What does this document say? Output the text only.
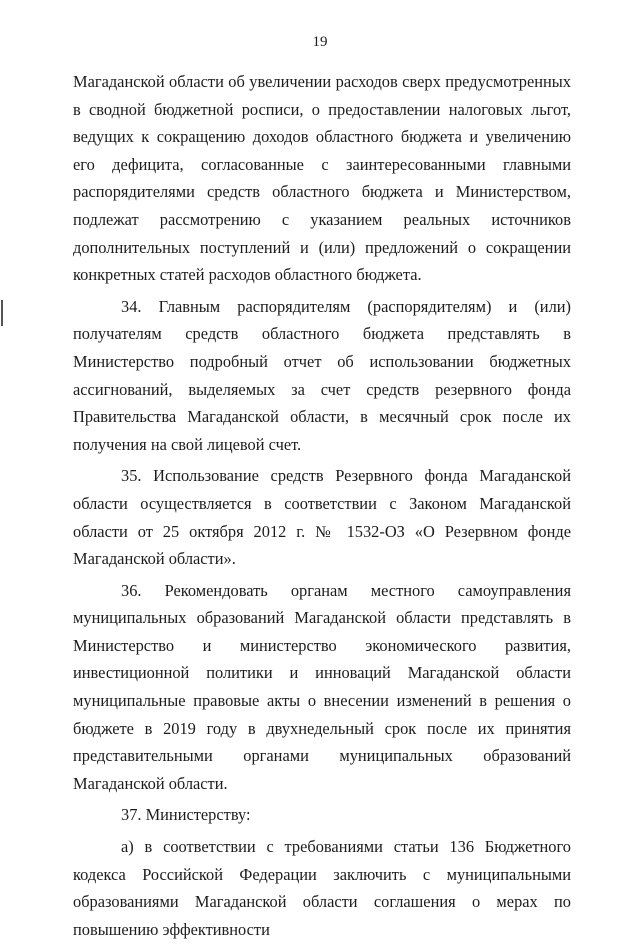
19

Магаданской области об увеличении расходов сверх предусмотренных в сводной бюджетной росписи, о предоставлении налоговых льгот, ведущих к сокращению доходов областного бюджета и увеличению его дефицита, согласованные с заинтересованными главными распорядителями средств областного бюджета и Министерством, подлежат рассмотрению с указанием реальных источников дополнительных поступлений и (или) предложений о сокращении конкретных статей расходов областного бюджета.

34. Главным распорядителям (распорядителям) и (или) получателям средств областного бюджета представлять в Министерство подробный отчет об использовании бюджетных ассигнований, выделяемых за счет средств резервного фонда Правительства Магаданской области, в месячный срок после их получения на свой лицевой счет.

35. Использование средств Резервного фонда Магаданской области осуществляется в соответствии с Законом Магаданской области от 25 октября 2012 г. № 1532-ОЗ «О Резервном фонде Магаданской области».

36. Рекомендовать органам местного самоуправления муниципальных образований Магаданской области представлять в Министерство и министерство экономического развития, инвестиционной политики и инноваций Магаданской области муниципальные правовые акты о внесении изменений в решения о бюджете в 2019 году в двухнедельный срок после их принятия представительными органами муниципальных образований Магаданской области.

37. Министерству:

а) в соответствии с требованиями статьи 136 Бюджетного кодекса Российской Федерации заключить с муниципальными образованиями Магаданской области соглашения о мерах по повышению эффективности
